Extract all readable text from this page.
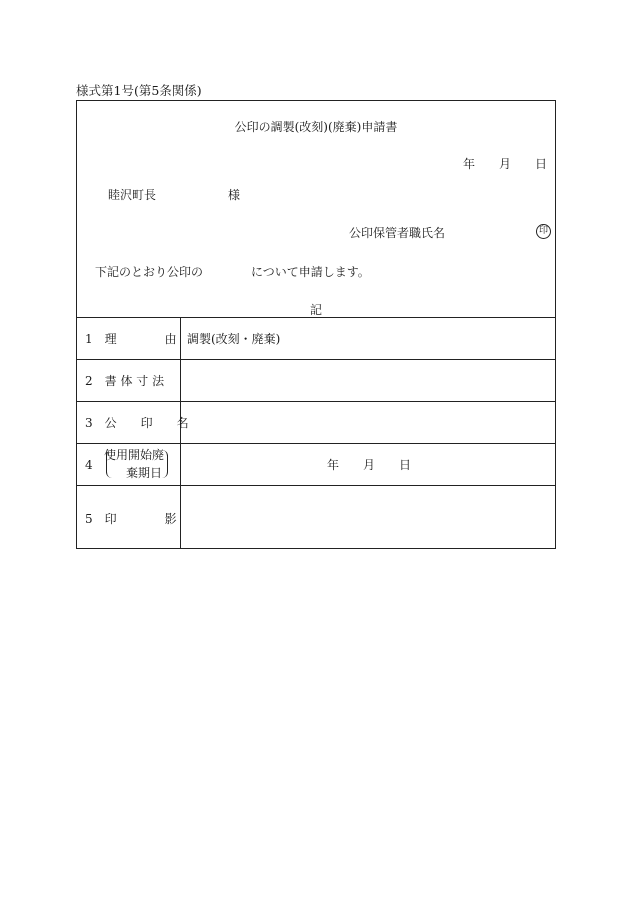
様式第1号(第5条関係)
公印の調製(改刻)(廃棄)申請書
年　　月　　日
睦沢町長　　　　　　様
公印保管者職氏名	印
下記のとおり公印の　　　　について申請します。
記
1　理　　　　由 調製(改刻・廃棄)
2　書 体 寸 法
3　公　　印　　名
4
使用開始廃
棄期日
年　　月　　日
5　印　　　　影
